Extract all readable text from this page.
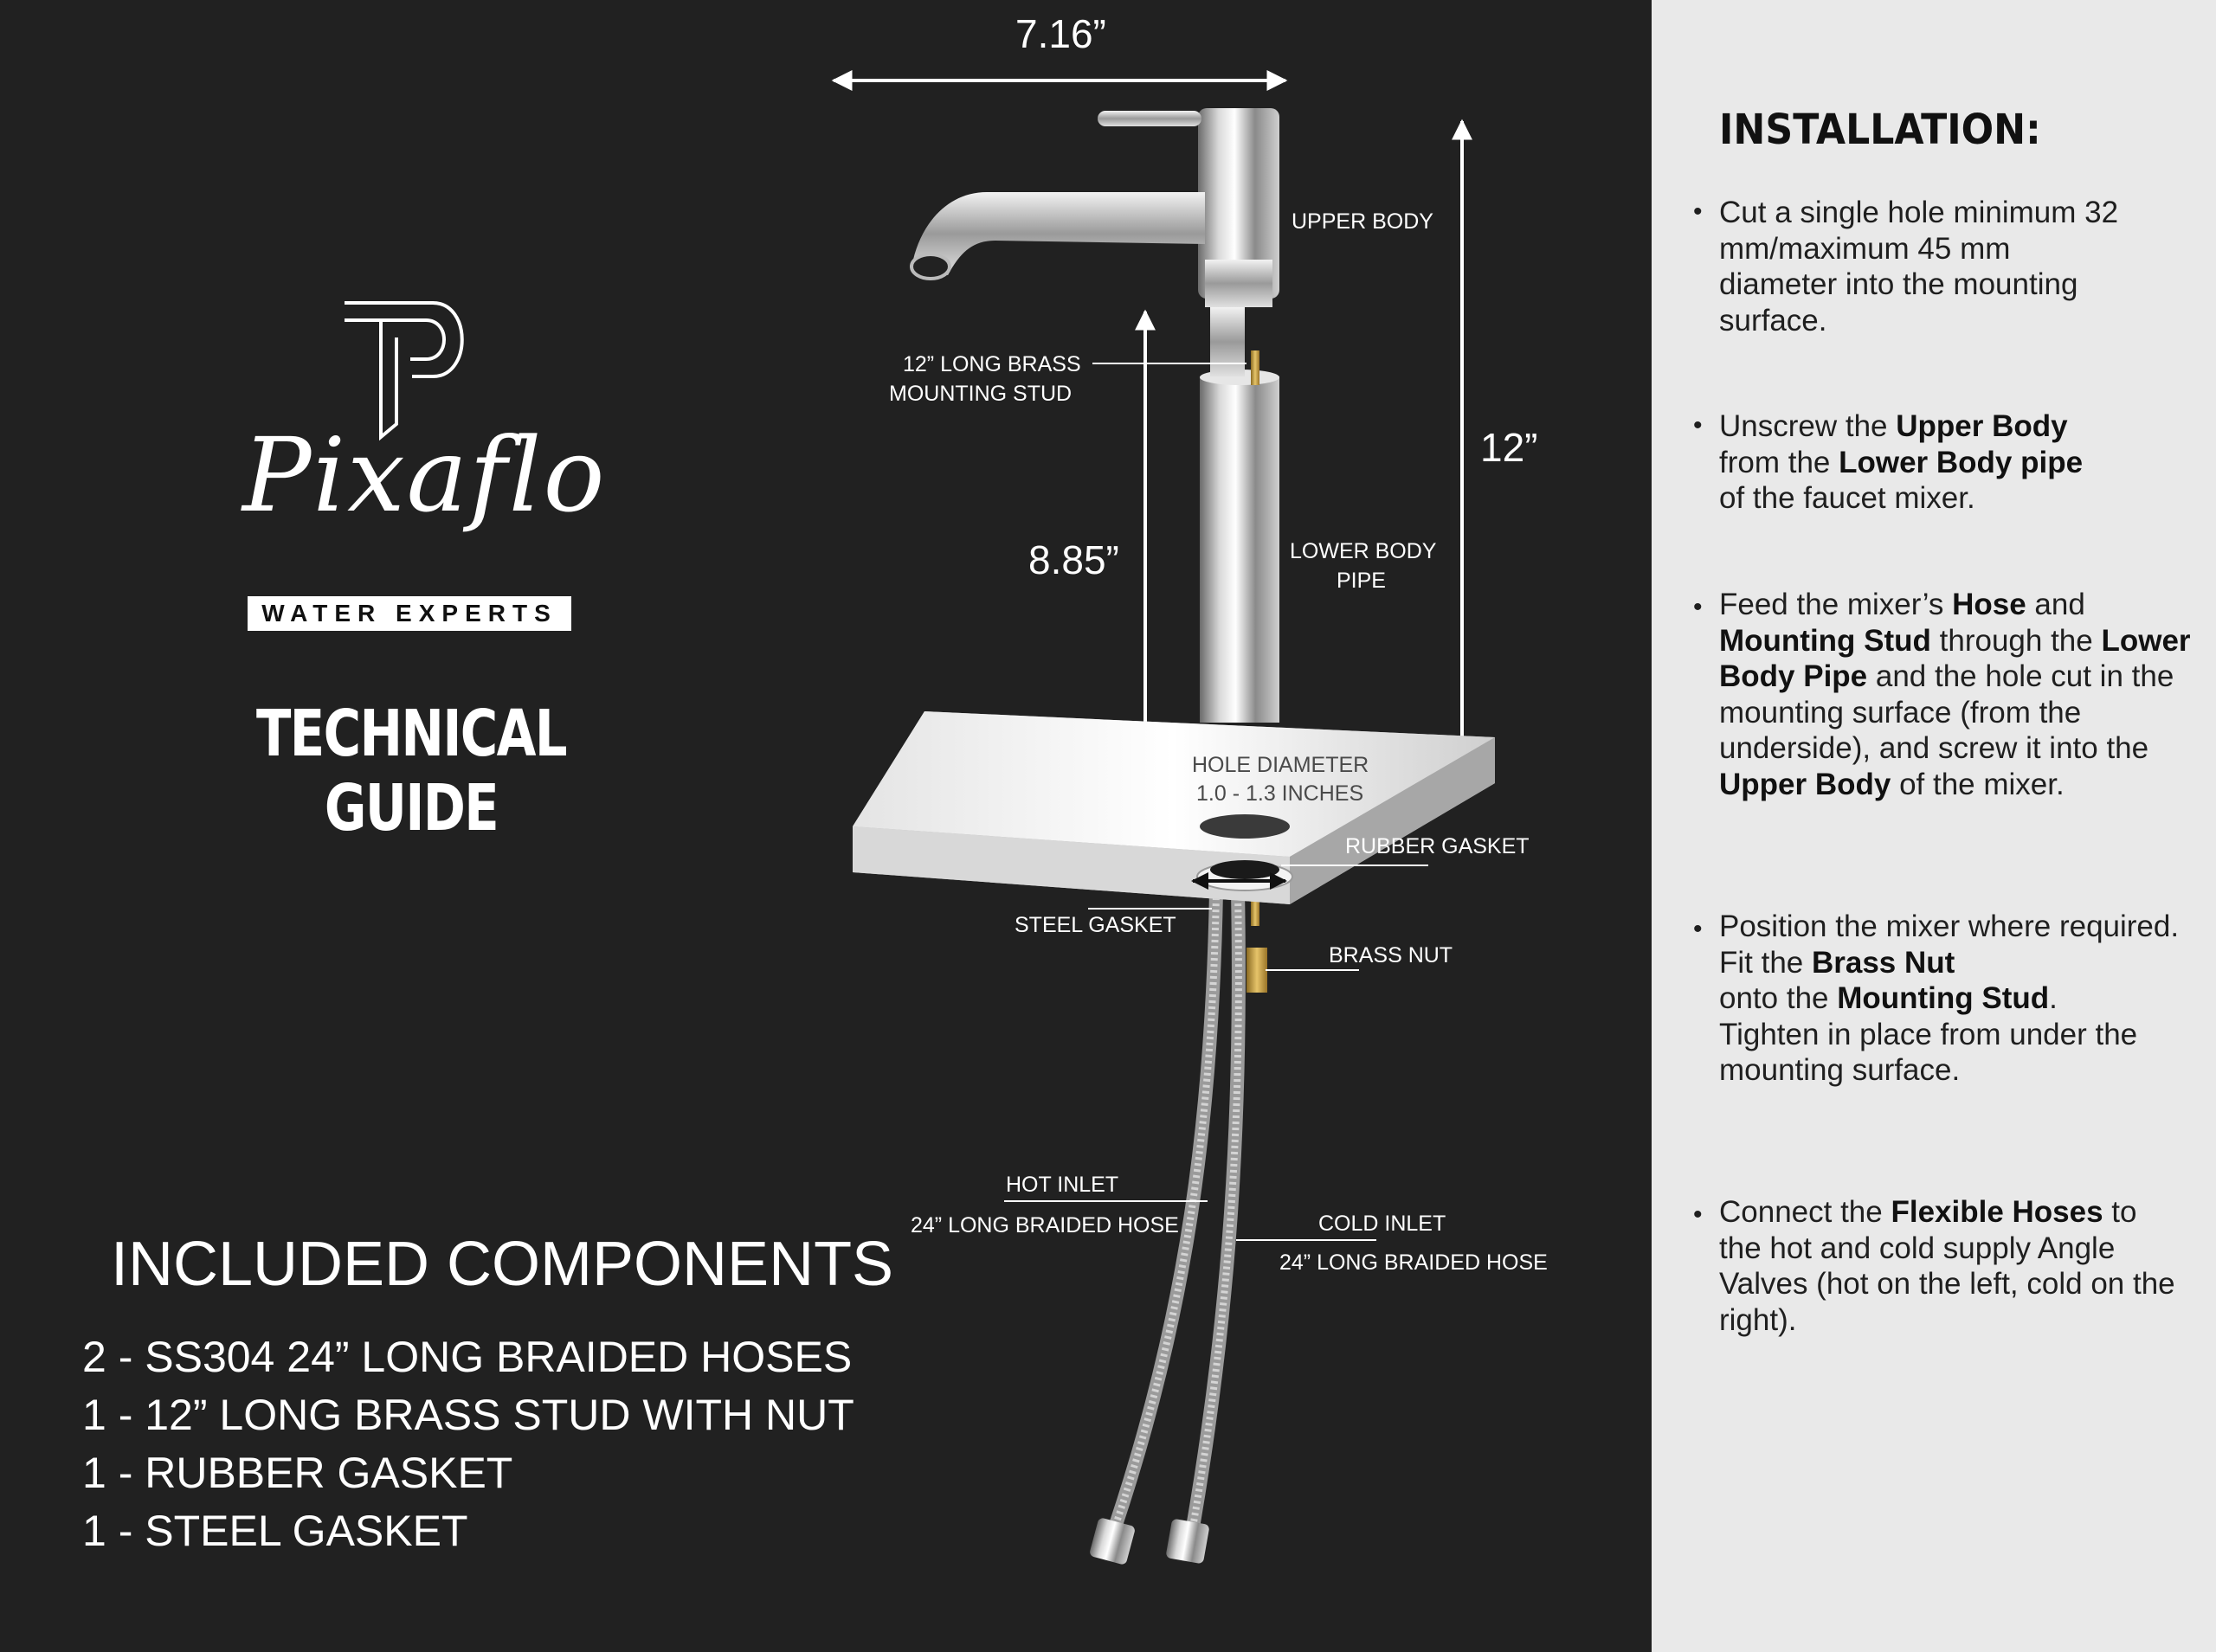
Pixaflo
WATER EXPERTS
TECHNICAL GUIDE
7.16”
12”
8.85”
UPPER BODY
12” LONG BRASS
MOUNTING STUD
LOWER BODY
PIPE
HOLE DIAMETER
1.0 - 1.3 INCHES
RUBBER GASKET
STEEL GASKET
BRASS NUT
HOT INLET
24” LONG BRAIDED HOSE	COLD INLET
24” LONG BRAIDED HOSE
INCLUDED COMPONENTS
2 - SS304 24” LONG BRAIDED HOSES
1 - 12” LONG BRASS STUD WITH NUT
1 - RUBBER GASKET
1 - STEEL GASKET
INSTALLATION:
• Cut a single hole minimum 32 mm/maximum 45 mm diameter into the mounting surface.
• Unscrew the Upper Body from the Lower Body pipe of the faucet mixer.
• Feed the mixer’s Hose and Mounting Stud through the Lower Body Pipe and the hole cut in the mounting surface (from the underside), and screw it into the Upper Body of the mixer.
• Position the mixer where required.
Fit the Brass Nut
onto the Mounting Stud.
Tighten in place from under the mounting surface.
• Connect the Flexible Hoses to the hot and cold supply Angle Valves (hot on the left, cold on the right).
